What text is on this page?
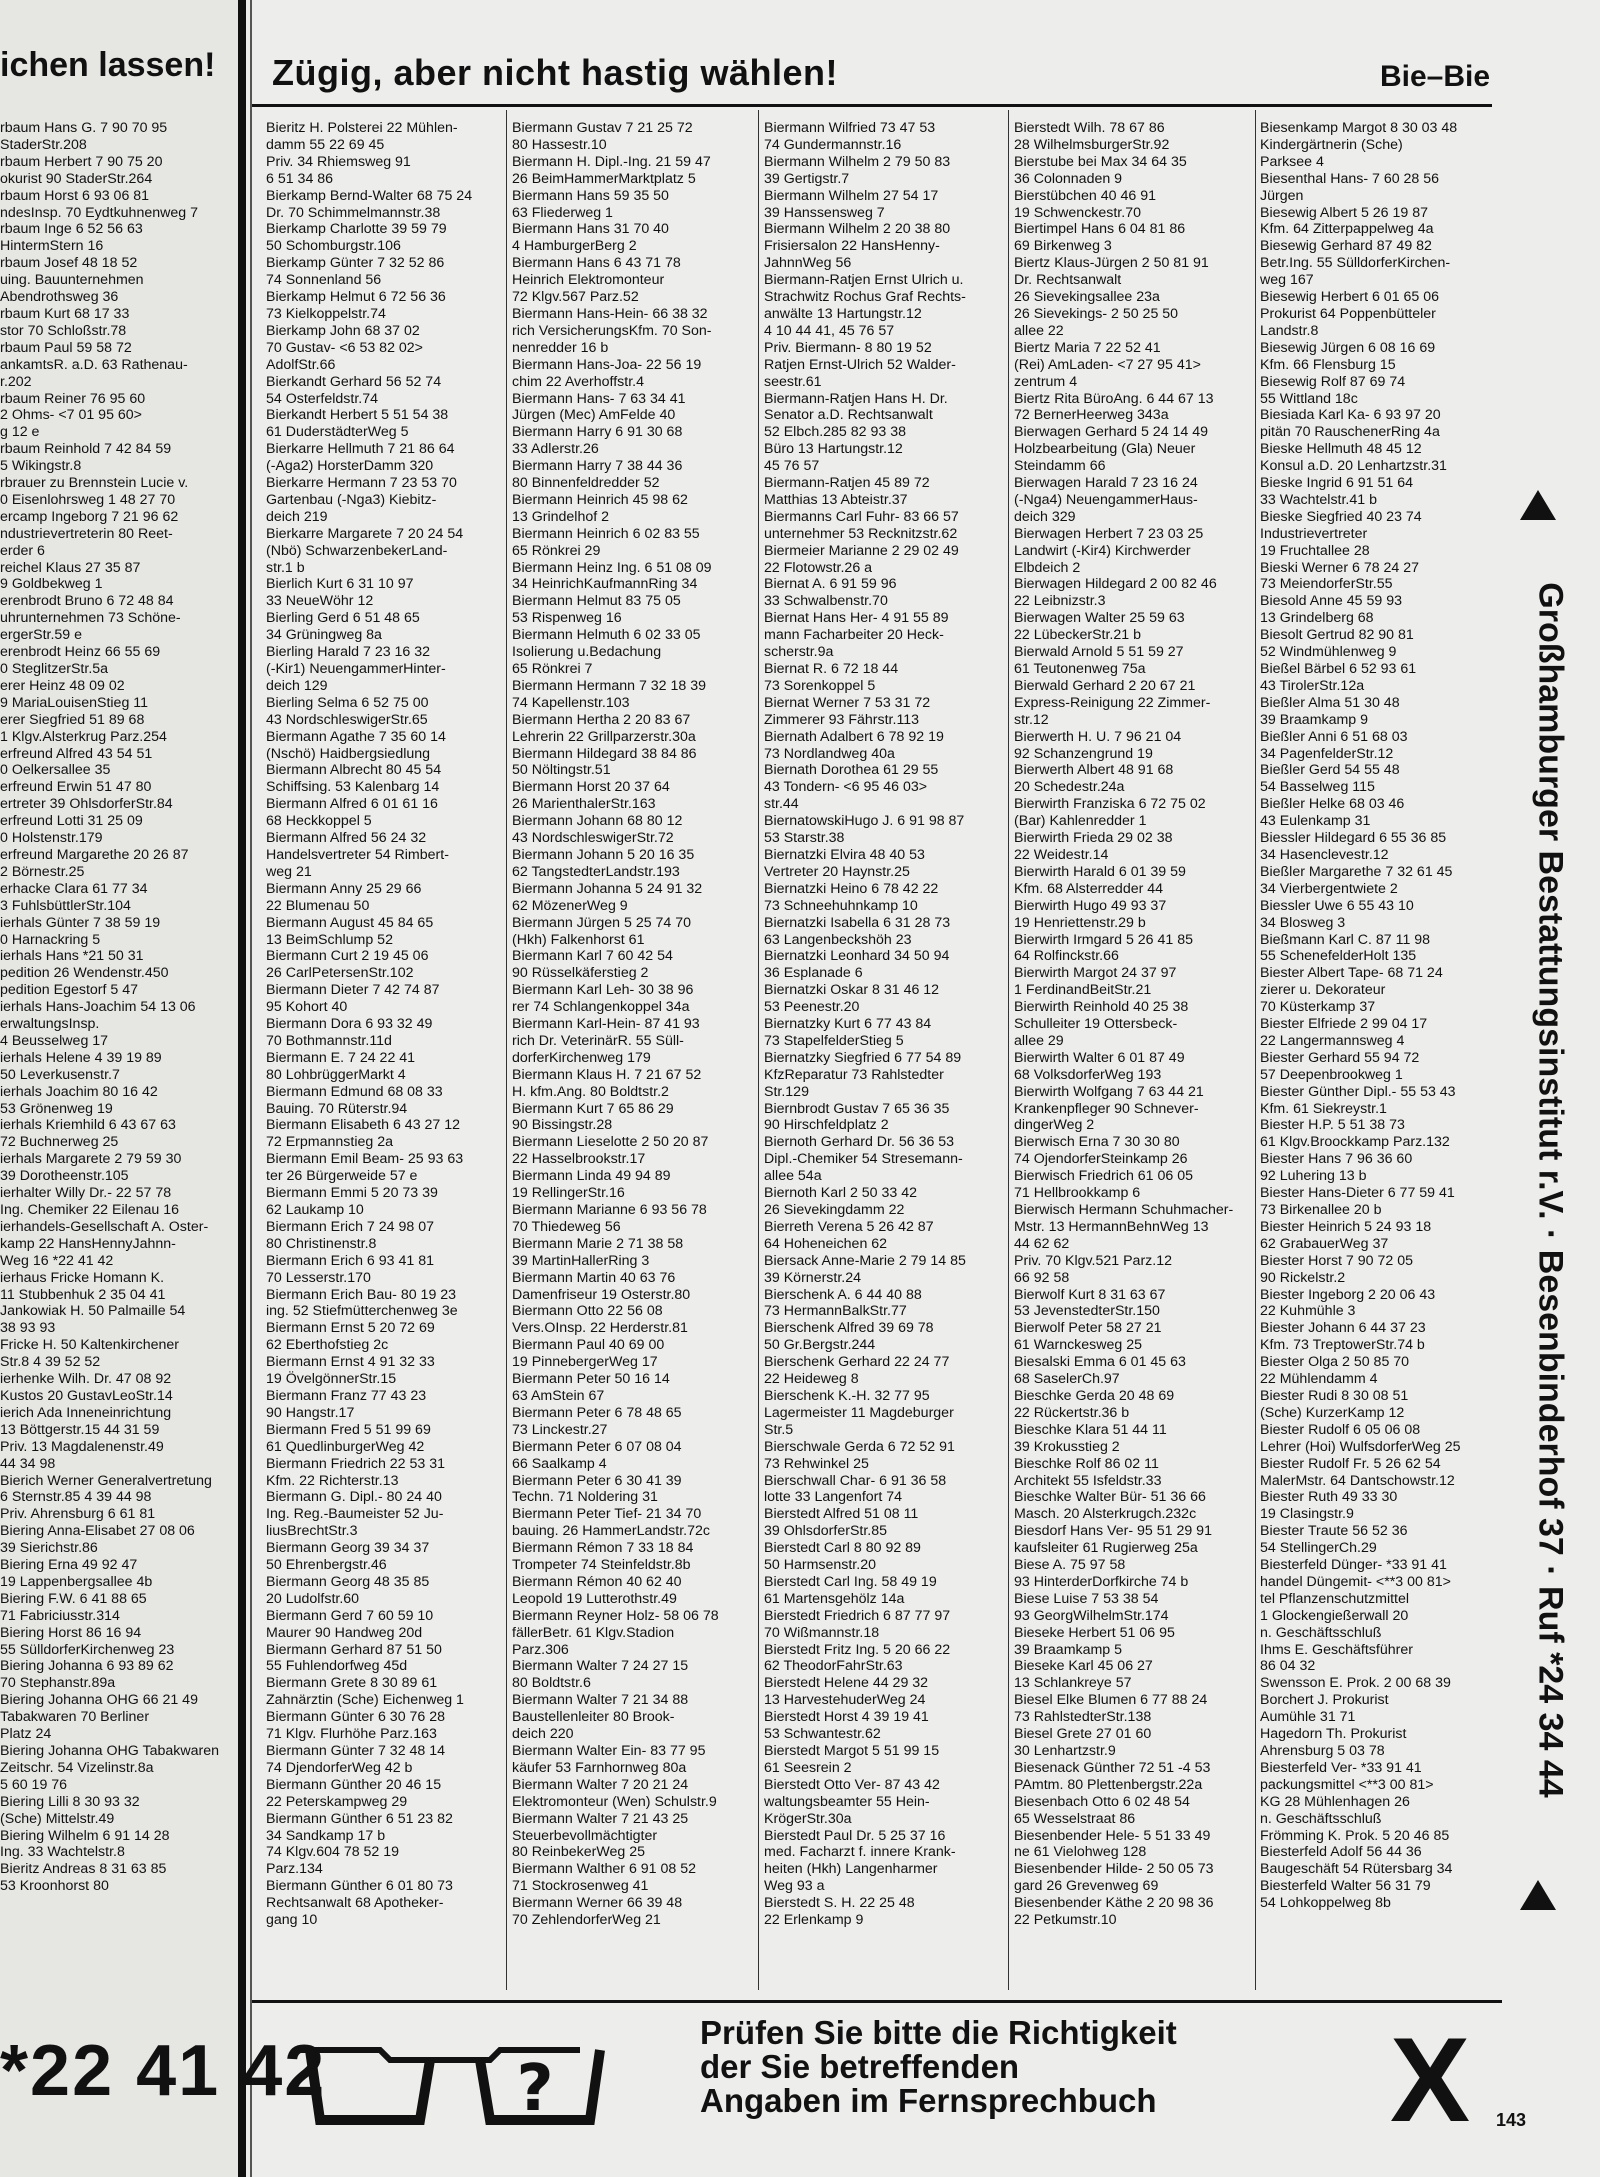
ichen lassen!
rbaum Hans G. 7 90 70 95
StaderStr.208
rbaum Herbert 7 90 75 20
okurist 90 StaderStr.264
rbaum Horst 6 93 06 81
ndesInsp. 70 Eydtkuhnenweg 7
rbaum Inge 6 52 56 63
HintermStern 16
rbaum Josef 48 18 52
uing. Bauunternehmen
Abendrothsweg 36
rbaum Kurt 68 17 33
stor 70 Schloßstr.78
rbaum Paul 59 58 72
ankamtsR. a.D. 63 Rathenau-
r.202
rbaum Reiner 76 95 60
2 Ohms- <7 01 95 60>
g 12 e
rbaum Reinhold 7 42 84 59
5 Wikingstr.8
rbrauer zu Brennstein Lucie v.
0 Eisenlohrsweg 1 48 27 70
ercamp Ingeborg 7 21 96 62
ndustrievertreterin 80 Reet-
erder 6
reichel Klaus 27 35 87
9 Goldbekweg 1
erenbrodt Bruno 6 72 48 84
uhrunternehmen 73 Schöne-
ergerStr.59 e
erenbrodt Heinz 66 55 69
0 SteglitzerStr.5a
erer Heinz 48 09 02
9 MariaLouisenStieg 11
erer Siegfried 51 89 68
1 Klgv.Alsterkrug Parz.254
erfreund Alfred 43 54 51
0 Oelkersallee 35
erfreund Erwin 51 47 80
ertreter 39 OhlsdorferStr.84
erfreund Lotti 31 25 09
0 Holstenstr.179
erfreund Margarethe 20 26 87
2 Börnestr.25
erhacke Clara 61 77 34
3 FuhlsbüttlerStr.104
ierhals Günter 7 38 59 19
0 Harnackring 5
ierhals Hans *21 50 31
pedition 26 Wendenstr.450
pedition Egestorf 5 47
ierhals Hans-Joachim 54 13 06
erwaltungsInsp.
4 Beusselweg 17
ierhals Helene 4 39 19 89
50 Leverkusenstr.7
ierhals Joachim 80 16 42
53 Grönenweg 19
ierhals Kriemhild 6 43 67 63
72 Buchnerweg 25
ierhals Margarete 2 79 59 30
39 Dorotheenstr.105
ierhalter Willy Dr.- 22 57 78
Ing. Chemiker 22 Eilenau 16
ierhandels-Gesellschaft A. Oster-
kamp 22 HansHennyJahnn-
Weg 16 *22 41 42
ierhaus Fricke Homann K.
11 Stubbenhuk 2 35 04 41
Jankowiak H. 50 Palmaille 54
38 93 93
Fricke H. 50 Kaltenkirchener
Str.8 4 39 52 52
ierhenke Wilh. Dr. 47 08 92
Kustos 20 GustavLeoStr.14
ierich Ada Inneneinrichtung
13 Böttgerstr.15 44 31 59
Priv. 13 Magdalenenstr.49
44 34 98
Bierich Werner Generalvertretung
6 Sternstr.85 4 39 44 98
Priv. Ahrensburg 6 61 81
Biering Anna-Elisabet 27 08 06
39 Sierichstr.86
Biering Erna 49 92 47
19 Lappenbergsallee 4b
Biering F.W. 6 41 88 65
71 Fabriciusstr.314
Biering Horst 86 16 94
55 SülldorferKirchenweg 23
Biering Johanna 6 93 89 62
70 Stephanstr.89a
Biering Johanna OHG 66 21 49
Tabakwaren 70 Berliner
Platz 24
Biering Johanna OHG Tabakwaren
Zeitschr. 54 Vizelinstr.8a
5 60 19 76
Biering Lilli 8 30 93 32
(Sche) Mittelstr.49
Biering Wilhelm 6 91 14 28
Ing. 33 Wachtelstr.8
Bieritz Andreas 8 31 63 85
53 Kroonhorst 80
Zügig, aber nicht hastig wählen!	Bie–Bie
Bieritz H. Polsterei 22 Mühlen-
damm 55 22 69 45
Priv. 34 Rhiemsweg 91
6 51 34 86
Bierkamp Bernd-Walter 68 75 24
Dr. 70 Schimmelmannstr.38
Bierkamp Charlotte 39 59 79
50 Schomburgstr.106
Bierkamp Günter 7 32 52 86
74 Sonnenland 56
Bierkamp Helmut 6 72 56 36
73 Kielkoppelstr.74
Bierkamp John 68 37 02
70 Gustav- <6 53 82 02>
AdolfStr.66
Bierkandt Gerhard 56 52 74
54 Osterfeldstr.74
Bierkandt Herbert 5 51 54 38
61 DuderstädterWeg 5
Bierkarre Hellmuth 7 21 86 64
(-Aga2) HorsterDamm 320
Bierkarre Hermann 7 23 53 70
Gartenbau (-Nga3) Kiebitz-
deich 219
Bierkarre Margarete 7 20 24 54
(Nbö) SchwarzenbekerLand-
str.1 b
Bierlich Kurt 6 31 10 97
33 NeueWöhr 12
Bierling Gerd 6 51 48 65
34 Grüningweg 8a
Bierling Harald 7 23 16 32
(-Kir1) NeuengammerHinter-
deich 129
Bierling Selma 6 52 75 00
43 NordschleswigerStr.65
Biermann Agathe 7 35 60 14
(Nschö) Haidbergsiedlung
Biermann Albrecht 80 45 54
Schiffsing. 53 Kalenbarg 14
Biermann Alfred 6 01 61 16
68 Heckkoppel 5
Biermann Alfred 56 24 32
Handelsvertreter 54 Rimbert-
weg 21
Biermann Anny 25 29 66
22 Blumenau 50
Biermann August 45 84 65
13 BeimSchlump 52
Biermann Curt 2 19 45 06
26 CarlPetersenStr.102
Biermann Dieter 7 42 74 87
95 Kohort 40
Biermann Dora 6 93 32 49
70 Bothmannstr.11d
Biermann E. 7 24 22 41
80 LohbrüggerMarkt 4
Biermann Edmund 68 08 33
Bauing. 70 Rüterstr.94
Biermann Elisabeth 6 43 27 12
72 Erpmannstieg 2a
Biermann Emil Beam- 25 93 63
ter 26 Bürgerweide 57 e
Biermann Emmi 5 20 73 39
62 Laukamp 10
Biermann Erich 7 24 98 07
80 Christinenstr.8
Biermann Erich 6 93 41 81
70 Lesserstr.170
Biermann Erich Bau- 80 19 23
ing. 52 Stiefmütterchenweg 3e
Biermann Ernst 5 20 72 69
62 Eberthofstieg 2c
Biermann Ernst 4 91 32 33
19 ÖvelgönnerStr.15
Biermann Franz 77 43 23
90 Hangstr.17
Biermann Fred 5 51 99 69
61 QuedlinburgerWeg 42
Biermann Friedrich 22 53 31
Kfm. 22 Richterstr.13
Biermann G. Dipl.- 80 24 40
Ing. Reg.-Baumeister 52 Ju-
liusBrechtStr.3
Biermann Georg 39 34 37
50 Ehrenbergstr.46
Biermann Georg 48 35 85
20 Ludolfstr.60
Biermann Gerd 7 60 59 10
Maurer 90 Handweg 20d
Biermann Gerhard 87 51 50
55 Fuhlendorfweg 45d
Biermann Grete 8 30 89 61
Zahnärztin (Sche) Eichenweg 1
Biermann Günter 6 30 76 28
71 Klgv. Flurhöhe Parz.163
Biermann Günter 7 32 48 14
74 DjendorferWeg 42 b
Biermann Günther 20 46 15
22 Peterskampweg 29
Biermann Günther 6 51 23 82
34 Sandkamp 17 b
74 Klgv.604 78 52 19
Parz.134
Biermann Günther 6 01 80 73
Rechtsanwalt 68 Apotheker-
gang 10
Biermann Gustav 7 21 25 72
80 Hassestr.10
Biermann H. Dipl.-Ing. 21 59 47
26 BeimHammerMarktplatz 5
Biermann Hans 59 35 50
63 Fliederweg 1
Biermann Hans 31 70 40
4 HamburgerBerg 2
Biermann Hans 6 43 71 78
Heinrich Elektromonteur
72 Klgv.567 Parz.52
Biermann Hans-Hein- 66 38 32
rich VersicherungsKfm. 70 Son-
nenredder 16 b
Biermann Hans-Joa- 22 56 19
chim 22 Averhoffstr.4
Biermann Hans- 7 63 34 41
Jürgen (Mec) AmFelde 40
Biermann Harry 6 91 30 68
33 Adlerstr.26
Biermann Harry 7 38 44 36
80 Binnenfeldredder 52
Biermann Heinrich 45 98 62
13 Grindelhof 2
Biermann Heinrich 6 02 83 55
65 Rönkrei 29
Biermann Heinz Ing. 6 51 08 09
34 HeinrichKaufmannRing 34
Biermann Helmut 83 75 05
53 Rispenweg 16
Biermann Helmuth 6 02 33 05
Isolierung u.Bedachung
65 Rönkrei 7
Biermann Hermann 7 32 18 39
74 Kapellenstr.103
Biermann Hertha 2 20 83 67
Lehrerin 22 Grillparzerstr.30a
Biermann Hildegard 38 84 86
50 Nöltingstr.51
Biermann Horst 20 37 64
26 MarienthalerStr.163
Biermann Johann 68 80 12
43 NordschleswigerStr.72
Biermann Johann 5 20 16 35
62 TangstedterLandstr.193
Biermann Johanna 5 24 91 32
62 MözenerWeg 9
Biermann Jürgen 5 25 74 70
(Hkh) Falkenhorst 61
Biermann Karl 7 60 42 54
90 Rüsselkäferstieg 2
Biermann Karl Leh- 30 38 96
rer 74 Schlangenkoppel 34a
Biermann Karl-Hein- 87 41 93
rich Dr. VeterinärR. 55 Süll-
dorferKirchenweg 179
Biermann Klaus H. 7 21 67 52
H. kfm.Ang. 80 Boldtstr.2
Biermann Kurt 7 65 86 29
90 Bissingstr.28
Biermann Lieselotte 2 50 20 87
22 Hasselbrookstr.17
Biermann Linda 49 94 89
19 RellingerStr.16
Biermann Marianne 6 93 56 78
70 Thiedeweg 56
Biermann Marie 2 71 38 58
39 MartinHallerRing 3
Biermann Martin 40 63 76
Damenfriseur 19 Osterstr.80
Biermann Otto 22 56 08
Vers.OInsp. 22 Herderstr.81
Biermann Paul 40 69 00
19 PinnebergerWeg 17
Biermann Peter 50 16 14
63 AmStein 67
Biermann Peter 6 78 48 65
73 Linckestr.27
Biermann Peter 6 07 08 04
66 Saalkamp 4
Biermann Peter 6 30 41 39
Techn. 71 Noldering 31
Biermann Peter Tief- 21 34 70
bauing. 26 HammerLandstr.72c
Biermann Rémon 7 33 18 84
Trompeter 74 Steinfeldstr.8b
Biermann Rémon 40 62 40
Leopold 19 Lutterothstr.49
Biermann Reyner Holz- 58 06 78
fällerBetr. 61 Klgv.Stadion
Parz.306
Biermann Walter 7 24 27 15
80 Boldtstr.6
Biermann Walter 7 21 34 88
Baustellenleiter 80 Brook-
deich 220
Biermann Walter Ein- 83 77 95
käufer 53 Farnhornweg 80a
Biermann Walter 7 20 21 24
Elektromonteur (Wen) Schulstr.9
Biermann Walter 7 21 43 25
Steuerbevollmächtigter
80 ReinbekerWeg 25
Biermann Walther 6 91 08 52
71 Stockrosenweg 41
Biermann Werner 66 39 48
70 ZehlendorferWeg 21
Biermann Wilfried 73 47 53
74 Gundermannstr.16
Biermann Wilhelm 2 79 50 83
39 Gertigstr.7
Biermann Wilhelm 27 54 17
39 Hanssensweg 7
Biermann Wilhelm 2 20 38 80
Frisiersalon 22 HansHenny-
JahnnWeg 56
Biermann-Ratjen Ernst Ulrich u.
Strachwitz Rochus Graf Rechts-
anwälte 13 Hartungstr.12
4 10 44 41, 45 76 57
Priv. Biermann- 8 80 19 52
Ratjen Ernst-Ulrich 52 Walder-
seestr.61
Biermann-Ratjen Hans H. Dr.
Senator a.D. Rechtsanwalt
52 Elbch.285 82 93 38
Büro 13 Hartungstr.12
45 76 57
Biermann-Ratjen 45 89 72
Matthias 13 Abteistr.37
Biermanns Carl Fuhr- 83 66 57
unternehmer 53 Recknitzstr.62
Biermeier Marianne 2 29 02 49
22 Flotowstr.26 a
Biernat A. 6 91 59 96
33 Schwalbenstr.70
Biernat Hans Her- 4 91 55 89
mann Facharbeiter 20 Heck-
scherstr.9a
Biernat R. 6 72 18 44
73 Sorenkoppel 5
Biernat Werner 7 53 31 72
Zimmerer 93 Fährstr.113
Biernath Adalbert 6 78 92 19
73 Nordlandweg 40a
Biernath Dorothea 61 29 55
43 Tondern- <6 95 46 03>
str.44
BiernatowskiHugo J. 6 91 98 87
53 Starstr.38
Biernatzki Elvira 48 40 53
Vertreter 20 Haynstr.25
Biernatzki Heino 6 78 42 22
73 Schneehuhnkamp 10
Biernatzki Isabella 6 31 28 73
63 Langenbeckshöh 23
Biernatzki Leonhard 34 50 94
36 Esplanade 6
Biernatzki Oskar 8 31 46 12
53 Peenestr.20
Biernatzky Kurt 6 77 43 84
73 StapelfelderStieg 5
Biernatzky Siegfried 6 77 54 89
KfzReparatur 73 Rahlstedter
Str.129
Biernbrodt Gustav 7 65 36 35
90 Hirschfeldplatz 2
Biernoth Gerhard Dr. 56 36 53
Dipl.-Chemiker 54 Stresemann-
allee 54a
Biernoth Karl 2 50 33 42
26 Sievekingdamm 22
Bierreth Verena 5 26 42 87
64 Hoheneichen 62
Biersack Anne-Marie 2 79 14 85
39 Körnerstr.24
Bierschenk A. 6 44 40 88
73 HermannBalkStr.77
Bierschenk Alfred 39 69 78
50 Gr.Bergstr.244
Bierschenk Gerhard 22 24 77
22 Heideweg 8
Bierschenk K.-H. 32 77 95
Lagermeister 11 Magdeburger
Str.5
Bierschwale Gerda 6 72 52 91
73 Rehwinkel 25
Bierschwall Char- 6 91 36 58
lotte 33 Langenfort 74
Bierstedt Alfred 51 08 11
39 OhlsdorferStr.85
Bierstedt Carl 8 80 92 89
50 Harmsenstr.20
Bierstedt Carl Ing. 58 49 19
61 Martensgehölz 14a
Bierstedt Friedrich 6 87 77 97
70 Wißmannstr.18
Bierstedt Fritz Ing. 5 20 66 22
62 TheodorFahrStr.63
Bierstedt Helene 44 29 32
13 HarvestehuderWeg 24
Bierstedt Horst 4 39 19 41
53 Schwantestr.62
Bierstedt Margot 5 51 99 15
61 Seesrein 2
Bierstedt Otto Ver- 87 43 42
waltungsbeamter 55 Hein-
KrögerStr.30a
Bierstedt Paul Dr. 5 25 37 16
med. Facharzt f. innere Krank-
heiten (Hkh) Langenharmer
Weg 93 a
Bierstedt S. H. 22 25 48
22 Erlenkamp 9
Bierstedt Wilh. 78 67 86
28 WilhelmsburgerStr.92
Bierstube bei Max 34 64 35
36 Colonnaden 9
Bierstübchen 40 46 91
19 Schwenckestr.70
Biertimpel Hans 6 04 81 86
69 Birkenweg 3
Biertz Klaus-Jürgen 2 50 81 91
Dr. Rechtsanwalt
26 Sievekingsallee 23a
26 Sievekings- 2 50 25 50
allee 22
Biertz Maria 7 22 52 41
(Rei) AmLaden- <7 27 95 41>
zentrum 4
Biertz Rita BüroAng. 6 44 67 13
72 BernerHeerweg 343a
Bierwagen Gerhard 5 24 14 49
Holzbearbeitung (Gla) Neuer
Steindamm 66
Bierwagen Harald 7 23 16 24
(-Nga4) NeuengammerHaus-
deich 329
Bierwagen Herbert 7 23 03 25
Landwirt (-Kir4) Kirchwerder
Elbdeich 2
Bierwagen Hildegard 2 00 82 46
22 Leibnizstr.3
Bierwagen Walter 25 59 63
22 LübeckerStr.21 b
Bierwald Arnold 5 51 59 27
61 Teutonenweg 75a
Bierwald Gerhard 2 20 67 21
Express-Reinigung 22 Zimmer-
str.12
Bierwerth H. U. 7 96 21 04
92 Schanzengrund 19
Bierwerth Albert 48 91 68
20 Schedestr.24a
Bierwirth Franziska 6 72 75 02
(Bar) Kahlenredder 1
Bierwirth Frieda 29 02 38
22 Weidestr.14
Bierwirth Harald 6 01 39 59
Kfm. 68 Alsterredder 44
Bierwirth Hugo 49 93 37
19 Henriettenstr.29 b
Bierwirth Irmgard 5 26 41 85
64 Rolfinckstr.66
Bierwirth Margot 24 37 97
1 FerdinandBeitStr.21
Bierwirth Reinhold 40 25 38
Schulleiter 19 Ottersbeck-
allee 29
Bierwirth Walter 6 01 87 49
68 VolksdorferWeg 193
Bierwirth Wolfgang 7 63 44 21
Krankenpfleger 90 Schnever-
dingerWeg 2
Bierwisch Erna 7 30 30 80
74 OjendorferSteinkamp 26
Bierwisch Friedrich 61 06 05
71 Hellbrookkamp 6
Bierwisch Hermann Schuhmacher-
Mstr. 13 HermannBehnWeg 13
44 62 62
Priv. 70 Klgv.521 Parz.12
66 92 58
Bierwolf Kurt 8 31 63 67
53 JevenstedterStr.150
Bierwolf Peter 58 27 21
61 Warnckesweg 25
Biesalski Emma 6 01 45 63
68 SaselerCh.97
Bieschke Gerda 20 48 69
22 Rückertstr.36 b
Bieschke Klara 51 44 11
39 Krokusstieg 2
Bieschke Rolf 86 02 11
Architekt 55 Isfeldstr.33
Bieschke Walter Bür- 51 36 66
Masch. 20 Alsterkrugch.232c
Biesdorf Hans Ver- 95 51 29 91
kaufsleiter 61 Rugierweg 25a
Biese A. 75 97 58
93 HinterderDorfkirche 74 b
Biese Luise 7 53 38 54
93 GeorgWilhelmStr.174
Bieseke Herbert 51 06 95
39 Braamkamp 5
Bieseke Karl 45 06 27
13 Schlankreye 57
Biesel Elke Blumen 6 77 88 24
73 RahlstedterStr.138
Biesel Grete 27 01 60
30 Lenhartzstr.9
Biesenack Günther 72 51 -4 53
PAmtm. 80 Plettenbergstr.22a
Biesenbach Otto 6 02 48 54
65 Wesselstraat 86
Biesenbender Hele- 5 51 33 49
ne 61 Vielohweg 128
Biesenbender Hilde- 2 50 05 73
gard 26 Grevenweg 69
Biesenbender Käthe 2 20 98 36
22 Petkumstr.10
Biesenkamp Margot 8 30 03 48
Kindergärtnerin (Sche)
Parksee 4
Biesenthal Hans- 7 60 28 56
Jürgen
Biesewig Albert 5 26 19 87
Kfm. 64 Zitterpappelweg 4a
Biesewig Gerhard 87 49 82
Betr.Ing. 55 SülldorferKirchen-
weg 167
Biesewig Herbert 6 01 65 06
Prokurist 64 Poppenbütteler
Landstr.8
Biesewig Jürgen 6 08 16 69
Kfm. 66 Flensburg 15
Biesewig Rolf 87 69 74
55 Wittland 18c
Biesiada Karl Ka- 6 93 97 20
pitän 70 RauschenerRing 4a
Bieske Hellmuth 48 45 12
Konsul a.D. 20 Lenhartzstr.31
Bieske Ingrid 6 91 51 64
33 Wachtelstr.41 b
Bieske Siegfried 40 23 74
Industrievertreter
19 Fruchtallee 28
Bieski Werner 6 78 24 27
73 MeiendorferStr.55
Biesold Anne 45 59 93
13 Grindelberg 68
Biesolt Gertrud 82 90 81
52 Windmühlenweg 9
Bießel Bärbel 6 52 93 61
43 TirolerStr.12a
Bießler Alma 51 30 48
39 Braamkamp 9
Bießler Anni 6 51 68 03
34 PagenfelderStr.12
Bießler Gerd 54 55 48
54 Basselweg 115
Bießler Helke 68 03 46
43 Eulenkamp 31
Biessler Hildegard 6 55 36 85
34 Hasenclevestr.12
Bießler Margarethe 7 32 61 45
34 Vierbergentwiete 2
Biessler Uwe 6 55 43 10
34 Blosweg 3
Bießmann Karl C. 87 11 98
55 SchenefelderHolt 135
Biester Albert Tape- 68 71 24
zierer u. Dekorateur
70 Küsterkamp 37
Biester Elfriede 2 99 04 17
22 Langermannsweg 4
Biester Gerhard 55 94 72
57 Deepenbrookweg 1
Biester Günther Dipl.- 55 53 43
Kfm. 61 Siekreystr.1
Biester H.P. 5 51 38 73
61 Klgv.Broockkamp Parz.132
Biester Hans 7 96 36 60
92 Luhering 13 b
Biester Hans-Dieter 6 77 59 41
73 Birkenallee 20 b
Biester Heinrich 5 24 93 18
62 GrabauerWeg 37
Biester Horst 7 90 72 05
90 Rickelstr.2
Biester Ingeborg 2 20 06 43
22 Kuhmühle 3
Biester Johann 6 44 37 23
Kfm. 73 TreptowerStr.74 b
Biester Olga 2 50 85 70
22 Mühlendamm 4
Biester Rudi 8 30 08 51
(Sche) KurzerKamp 12
Biester Rudolf 6 05 06 08
Lehrer (Hoi) WulfsdorferWeg 25
Biester Rudolf Fr. 5 26 62 54
MalerMstr. 64 Dantschowstr.12
Biester Ruth 49 33 30
19 Clasingstr.9
Biester Traute 56 52 36
54 StellingerCh.29
Biesterfeld Dünger- *33 91 41
handel Düngemit- <**3 00 81>
tel Pflanzenschutzmittel
1 Glockengießerwall 20
n. Geschäftsschluß
Ihms E. Geschäftsführer
86 04 32
Swensson E. Prok. 2 00 68 39
Borchert J. Prokurist
Aumühle 31 71
Hagedorn Th. Prokurist
Ahrensburg 5 03 78
Biesterfeld Ver- *33 91 41
packungsmittel <**3 00 81>
KG 28 Mühlenhagen 26
n. Geschäftsschluß
Frömming K. Prok. 5 20 46 85
Biesterfeld Adolf 56 44 36
Baugeschäft 54 Rütersbarg 34
Biesterfeld Walter 56 31 79
54 Lohkoppelweg 8b
Großhamburger Bestattungsinstitut r.V. · Besenbinderhof 37 · Ruf *24 34 44
*22 41 42	?
Prüfen Sie bitte die Richtigkeit
der Sie betreffenden
Angaben im Fernsprechbuch	X 143
